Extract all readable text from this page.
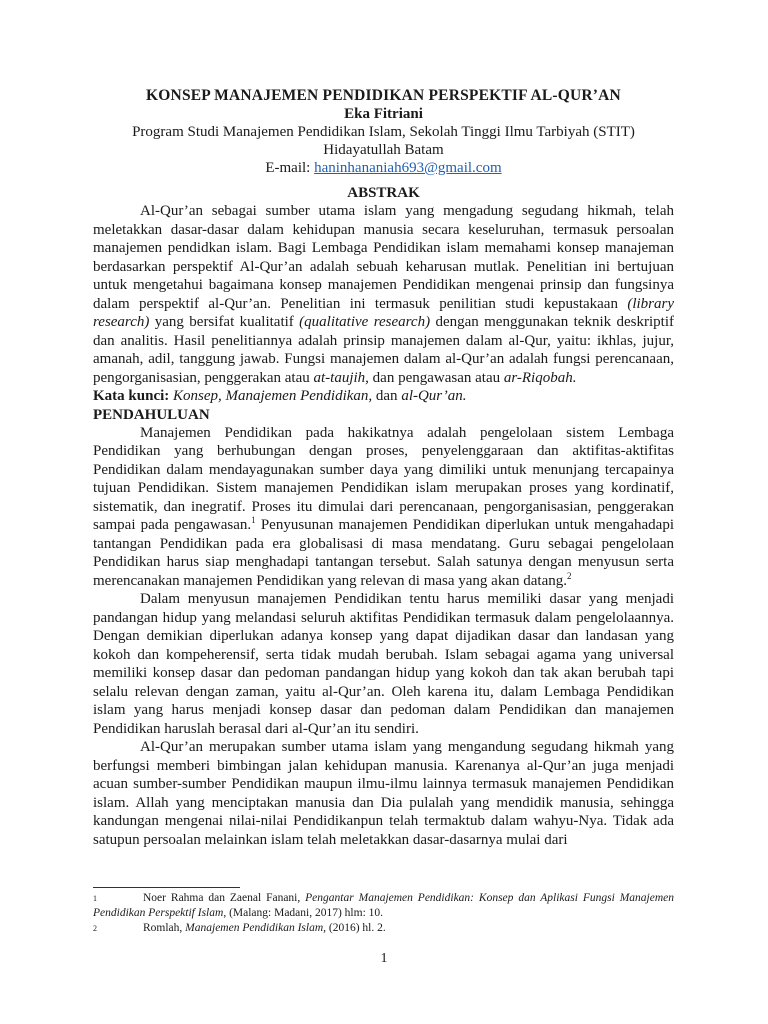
KONSEP MANAJEMEN PENDIDIKAN PERSPEKTIF AL-QUR’AN

Eka Fitriani

Program Studi Manajemen Pendidikan Islam, Sekolah Tinggi Ilmu Tarbiyah (STIT)

Hidayatullah Batam

E-mail: haninhananiah693@gmail.com

ABSTRAK

Al-Qur’an sebagai sumber utama islam yang mengadung segudang hikmah, telah meletakkan dasar-dasar dalam kehidupan manusia secara keseluruhan, termasuk persoalan manajemen pendidkan islam. Bagi Lembaga Pendidikan islam memahami konsep manajeman berdasarkan perspektif Al-Qur’an adalah sebuah keharusan mutlak. Penelitian ini bertujuan untuk mengetahui bagaimana konsep manajemen Pendidikan mengenai prinsip dan fungsinya dalam perspektif al-Qur’an. Penelitian ini termasuk penilitian studi kepustakaan (library research) yang bersifat kualitatif (qualitative research) dengan menggunakan teknik deskriptif dan analitis. Hasil penelitiannya adalah prinsip manajemen dalam al-Qur, yaitu: ikhlas, jujur, amanah, adil, tanggung jawab. Fungsi manajemen dalam al-Qur’an adalah fungsi perencanaan, pengorganisasian, penggerakan atau at-taujih, dan pengawasan atau ar-Riqobah.

Kata kunci: Konsep, Manajemen Pendidikan, dan al-Qur’an.

PENDAHULUAN

Manajemen Pendidikan pada hakikatnya adalah pengelolaan sistem Lembaga Pendidikan yang berhubungan dengan proses, penyelenggaraan dan aktifitas-aktifitas Pendidikan dalam mendayagunakan sumber daya yang dimiliki untuk menunjang tercapainya tujuan Pendidikan. Sistem manajemen Pendidikan islam merupakan proses yang kordinatif, sistematik, dan inegratif. Proses itu dimulai dari perencanaan, pengorganisasian, penggerakan sampai pada pengawasan.$^1$ Penyusunan manajemen Pendidikan diperlukan untuk mengahadapi tantangan Pendidikan pada era globalisasi di masa mendatang. Guru sebagai pengelolaan Pendidikan harus siap menghadapi tantangan tersebut. Salah satunya dengan menyusun serta merencanakan manajemen Pendidikan yang relevan di masa yang akan datang.$^2$

Dalam menyusun manajemen Pendidikan tentu harus memiliki dasar yang menjadi pandangan hidup yang melandasi seluruh aktifitas Pendidikan termasuk dalam pengelolaannya. Dengan demikian diperlukan adanya konsep yang dapat dijadikan dasar dan landasan yang kokoh dan kompeherensif, serta tidak mudah berubah. Islam sebagai agama yang universal memiliki konsep dasar dan pedoman pandangan hidup yang kokoh dan tak akan berubah tapi selalu relevan dengan zaman, yaitu al-Qur’an. Oleh karena itu, dalam Lembaga Pendidikan islam yang harus menjadi konsep dasar dan pedoman dalam Pendidikan dan manajemen Pendidikan haruslah berasal dari al-Qur’an itu sendiri.

Al-Qur’an merupakan sumber utama islam yang mengandung segudang hikmah yang berfungsi memberi bimbingan jalan kehidupan manusia. Karenanya al-Qur’an juga menjadi acuan sumber-sumber Pendidikan maupun ilmu-ilmu lainnya termasuk manajemen Pendidikan islam. Allah yang menciptakan manusia dan Dia pulalah yang mendidik manusia, sehingga kandungan mengenai nilai-nilai Pendidikanpun telah termaktub dalam wahyu-Nya. Tidak ada satupun persoalan melainkan islam telah meletakkan dasar-dasarnya mulai dari

1	Noer Rahma dan Zaenal Fanani, Pengantar Manajemen Pendidikan: Konsep dan Aplikasi Fungsi Manajemen Pendidikan Perspektif Islam, (Malang: Madani, 2017) hlm: 10.

2	Romlah, Manajemen Pendidikan Islam, (2016) hl. 2.

1
